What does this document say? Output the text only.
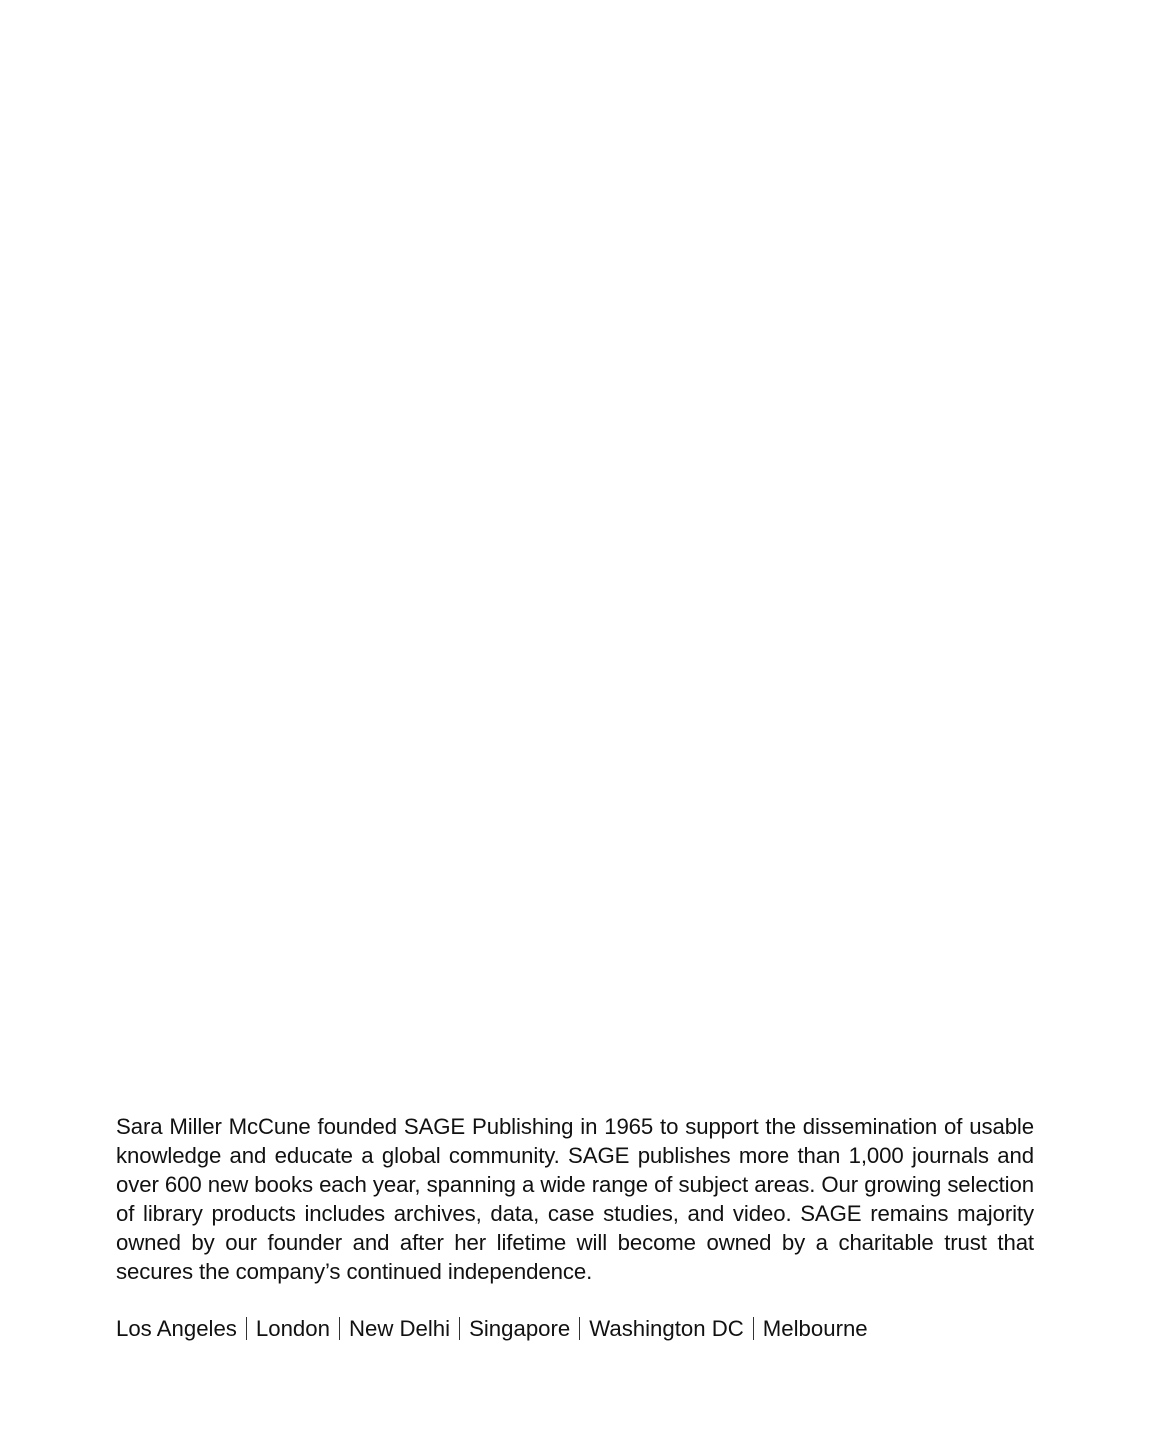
Sara Miller McCune founded SAGE Publishing in 1965 to support the dissemination of usable knowledge and educate a global community. SAGE publishes more than 1,000 journals and over 600 new books each year, spanning a wide range of subject areas. Our growing selection of library products includes archives, data, case studies, and video. SAGE remains majority owned by our founder and after her lifetime will become owned by a charitable trust that secures the company’s continued independence.

Los Angeles London New Delhi Singapore Washington DC Melbourne
